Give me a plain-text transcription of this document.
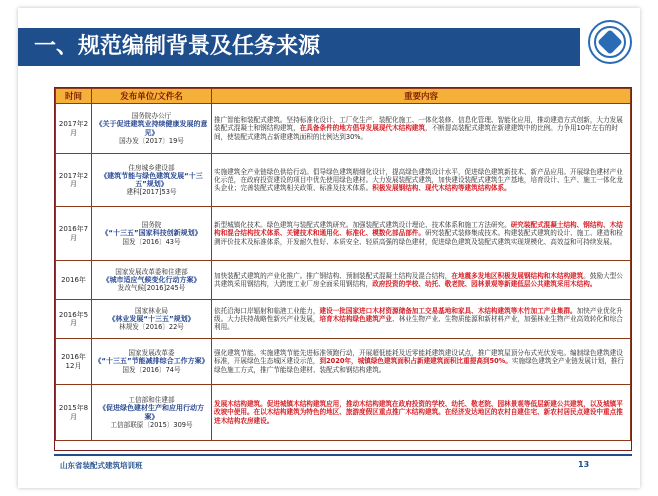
一、规范编制背景及任务来源
时间	发布单位/文件名	重要内容
2017年2月	国务院办公厅
《关于促进建筑业持续健康发展的意见》
国办发〔2017〕19号	推广智能和装配式建筑。坚持标准化设计、工厂化生产、装配化施工、一体化装修、信息化管理、智能化应用，推动建造方式创新，大力发展装配式混凝土和钢结构建筑，在具备条件的地方倡导发展现代木结构建筑，不断提高装配式建筑在新建建筑中的比例。力争用10年左右的时间，使装配式建筑占新建建筑面积的比例达到30%。
2017年2月	住房城乡建设部
《建筑节能与绿色建筑发展“十三五”规划》
建科[2017]53号	实施建筑全产业链绿色供给行动。倡导绿色建筑精细化设计，提高绿色建筑设计水平，促进绿色建筑新技术、新产品应用。开展绿色建材产业化示范，在政府投资建设的项目中优先使用绿色建材。大力发展装配式建筑，加快建设装配式建筑生产基地，培育设计、生产、施工一体化龙头企业；完善装配式建筑相关政策、标准及技术体系。积极发展钢结构、现代木结构等建筑结构体系。
2016年7月	国务院
《“十三五”国家科技创新规划》
国发〔2016〕43号	新型城镇化技术。绿色建筑与装配式建筑研究。加强装配式建筑设计理论、技术体系和施工方法研究。研究装配式混凝土结构、钢结构、木结构和混合结构技术体系、关键技术和通用化、标准化、模数化部品部件。研究装配式装修集成技术。构建装配式建筑的设计、施工、建造和检测评价技术及标准体系，开发耐久性好、本质安全、轻质高强的绿色建材，促进绿色建筑及装配式建筑实现规模化、高效益和可持续发展。
2016年	国家发展改革委和住建部
《城市适应气候变化行动方案》
发改气候[2016]245号	加快装配式建筑的产业化推广。推广钢结构、预制装配式混凝土结构及混合结构，在地震多发地区积极发展钢结构和木结构建筑。鼓励大型公共建筑采用钢结构，大跨度工业厂房全面采用钢结构，政府投资的学校、幼托、敬老院、园林景观等新建低层公共建筑采用木结构。
2016年5月	国家林业局
《林业发展“十三五”规划》
林规发〔2016〕22号	依托沿海口岸辐射和临港工业能力，建设一批国家进口木材资源储备加工交易基地和家具、木结构建筑等木竹加工产业集群。加快产业优化升级。大力扶持战略性新兴产业发展，培育木结构绿色建筑产业、林业生物产业、生物质能源和新材料产业，加强林业生物产业高效转化和综合利用。
2016年12月	国家发展改革委
《“十三五”节能减排综合工作方案》
国发〔2016〕74号	强化建筑节能。实施建筑节能先进标准领跑行动，开展超低能耗及近零能耗建筑建设试点，推广建筑屋顶分布式光伏发电。编制绿色建筑建设标准，开展绿色生态城区建设示范，到2020年，城镇绿色建筑面积占新建建筑面积比重提高到50%。实施绿色建筑全产业链发展计划，推行绿色施工方式，推广节能绿色建材、装配式和钢结构建筑。
2015年8月	工信部和住建部
《促进绿色建材生产和应用行动方案》
工信部联原〔2015〕309号	发展木结构建筑。促进城镇木结构建筑应用，推动木结构建筑在政府投资的学校、幼托、敬老院、园林景观等低层新建公共建筑，以及城镇平改坡中使用。在以木结构建筑为特色的地区、旅游度假区重点推广木结构建筑。在经济发达地区的农村自建住宅、新农村居民点建设中重点推进木结构农房建设。
山东省装配式建筑培训班	13
